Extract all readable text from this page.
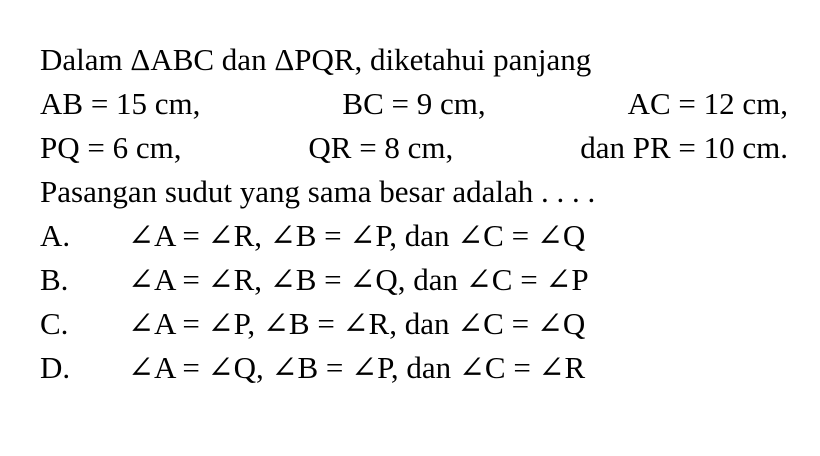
Dalam ΔABC dan ΔPQR, diketahui panjang
AB = 15 cm,	BC = 9 cm,	AC = 12 cm,
PQ = 6 cm,	QR = 8 cm,	dan PR = 10 cm.
Pasangan sudut yang sama besar adalah . . . .
A.	∠A = ∠R, ∠B = ∠P, dan ∠C = ∠Q
B.	∠A = ∠R, ∠B = ∠Q, dan ∠C = ∠P
C.	∠A = ∠P, ∠B = ∠R, dan ∠C = ∠Q
D.	∠A = ∠Q, ∠B = ∠P, dan ∠C = ∠R
